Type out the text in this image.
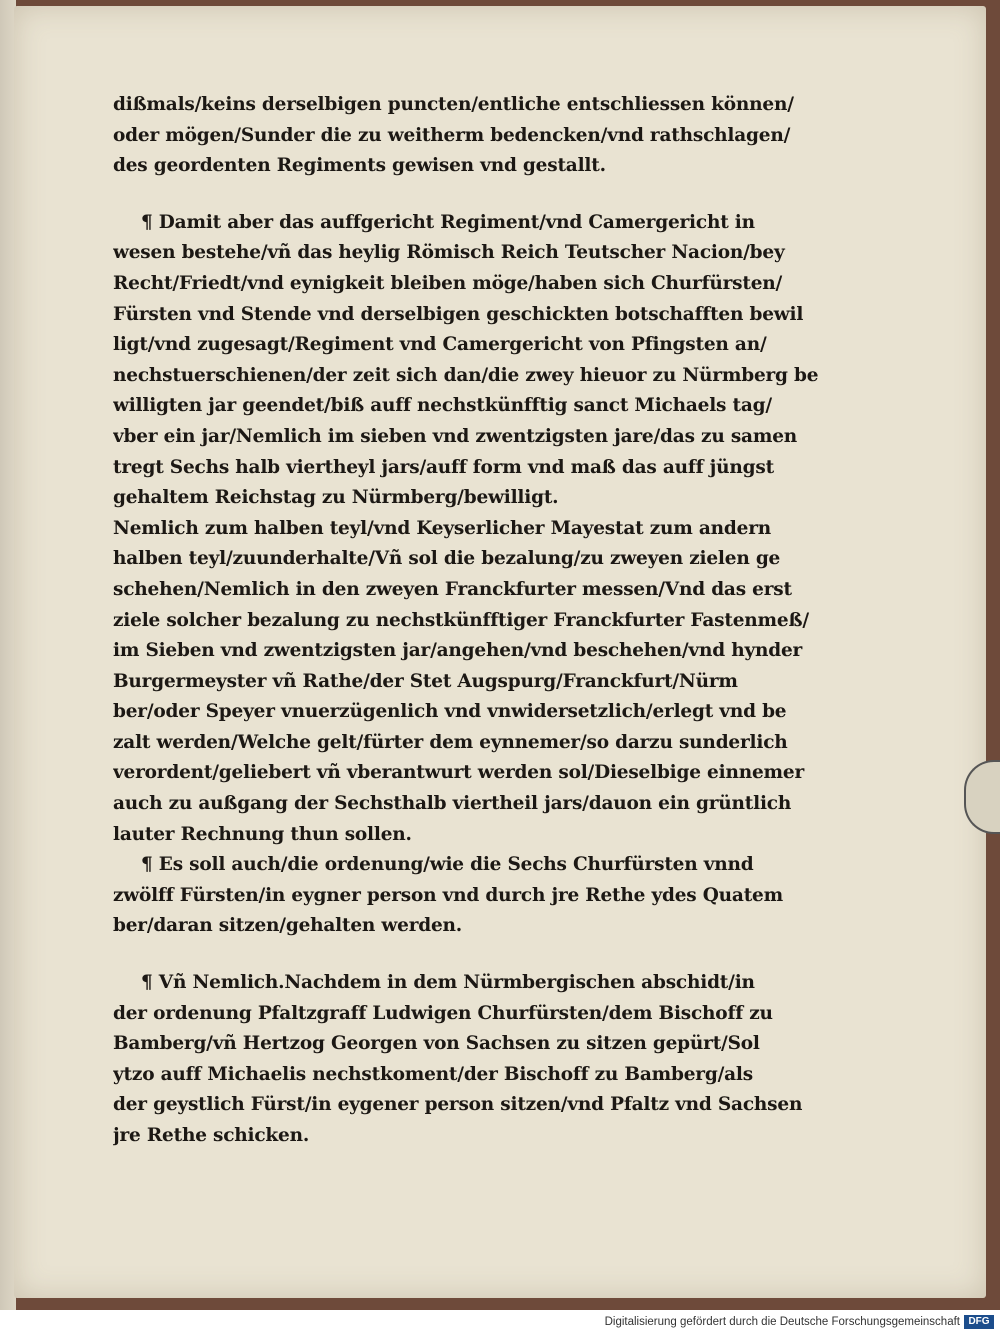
dißmals/keins derselbigen puncten/entliche entschliessen können/
oder mögen/Sunder die zu weitherm bedencken/vnd rathschlagen/
des geordenten Regiments gewisen vnd gestallt.
¶ Damit aber das auffgericht Regiment/vnd Camergericht in
wesen bestehe/vñ das heylig Römisch Reich Teutscher Nacion/bey
Recht/Friedt/vnd eynigkeit bleiben möge/haben sich Churfürsten/
Fürsten vnd Stende vnd derselbigen geschickten botschafften bewil
ligt/vnd zugesagt/Regiment vnd Camergericht von Pfingsten an/
nechstuerschienen/der zeit sich dan/die zwey hieuor zu Nürmberg be
willigten jar geendet/biß auff nechstkünfftig sanct Michaels tag/
vber ein jar/Nemlich im sieben vnd zwentzigsten jare/das zu samen
tregt Sechs halb viertheyl jars/auff form vnd maß das auff jüngst
gehaltem Reichstag zu Nürmberg/bewilligt.
Nemlich zum halben teyl/vnd Keyserlicher Mayestat zum andern
halben teyl/zuunderhalte/Vñ sol die bezalung/zu zweyen zielen ge
schehen/Nemlich in den zweyen Franckfurter messen/Vnd das erst
ziele solcher bezalung zu nechstkünfftiger Franckfurter Fastenmeß/
im Sieben vnd zwentzigsten jar/angehen/vnd beschehen/vnd hynder
Burgermeyster vñ Rathe/der Stet Augspurg/Franckfurt/Nürm
ber/oder Speyer vnuerzügenlich vnd vnwidersetzlich/erlegt vnd be
zalt werden/Welche gelt/fürter dem eynnemer/so darzu sunderlich
verordent/geliebert vñ vberantwurt werden sol/Dieselbige einnemer
auch zu außgang der Sechsthalb viertheil jars/dauon ein grüntlich
lauter Rechnung thun sollen.
¶ Es soll auch/die ordenung/wie die Sechs Churfürsten vnnd
zwölff Fürsten/in eygner person vnd durch jre Rethe ydes Quatem
ber/daran sitzen/gehalten werden.
¶ Vñ Nemlich.Nachdem in dem Nürmbergischen abschidt/in
der ordenung Pfaltzgraff Ludwigen Churfürsten/dem Bischoff zu
Bamberg/vñ Hertzog Georgen von Sachsen zu sitzen gepürt/Sol
ytzo auff Michaelis nechstkoment/der Bischoff zu Bamberg/als
der geystlich Fürst/in eygener person sitzen/vnd Pfaltz vnd Sachsen
jre Rethe schicken.
Digitalisierung gefördert durch die Deutsche Forschungsgemeinschaft DFG
